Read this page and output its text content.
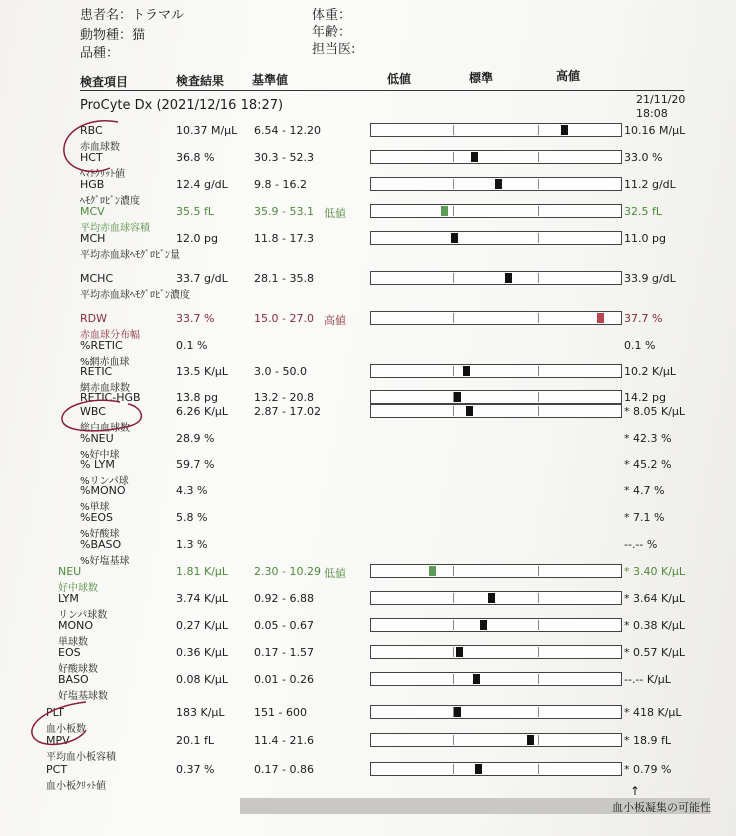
患者名：トラマル
動物種：猫
品種：
体重：
年齢：
担当医:
検査項目	検査結果 基準値	低値	標準	高値
ProCyte Dx (2021/12/16 18:27)	21/11/20
18:08
RBC
赤血球数
10.37 M/µL 6.54 - 12.20	10.16 M/µL
HCT
ﾍﾏﾄｸﾘｯﾄ値
36.8 %	30.3 - 52.3	33.0 %
HGB
ﾍﾓｸﾞﾛﾋﾞﾝ濃度
12.4 g/dL 9.8 - 16.2	11.2 g/dL
MCV
平均赤血球容積
35.5 fL	35.9 - 53.1 低値	32.5 fL
MCH
平均赤血球ﾍﾓｸﾞﾛﾋﾞﾝ量
12.0 pg	11.8 - 17.3	11.0 pg
MCHC
平均赤血球ﾍﾓｸﾞﾛﾋﾞﾝ濃度
33.7 g/dL 28.1 - 35.8	33.9 g/dL
RDW
赤血球分布幅
33.7 %	15.0 - 27.0 高値	37.7 %
%RETIC
%網赤血球
0.1 %	0.1 %
RETIC
網赤血球数
13.5 K/µL 3.0 - 50.0	10.2 K/µL
RETIC-HGB	13.8 pg	13.2 - 20.8	14.2 pg
WBC
総白血球数
6.26 K/µL 2.87 - 17.02	* 8.05 K/µL
%NEU
%好中球
28.9 %	* 42.3 %
% LYM
%リンパ球
59.7 %	* 45.2 %
%MONO
%単球
4.3 %	* 4.7 %
%EOS
%好酸球
5.8 %	* 7.1 %
%BASO
%好塩基球
1.3 %	--.-- %
NEU
好中球数
1.81 K/µL 2.30 - 10.29 低値	* 3.40 K/µL
LYM
リンパ球数
3.74 K/µL 0.92 - 6.88	* 3.64 K/µL
MONO
単球数
0.27 K/µL 0.05 - 0.67	* 0.38 K/µL
EOS
好酸球数
0.36 K/µL 0.17 - 1.57	* 0.57 K/µL
BASO
好塩基球数
0.08 K/µL 0.01 - 0.26	--.-- K/µL
PLT
血小板数
183 K/µL	151 - 600	* 418 K/µL
MPV
平均血小板容積
20.1 fL	11.4 - 21.6	* 18.9 fL
PCT
血小板ｸﾘｯﾄ値
0.37 %	0.17 - 0.86	* 0.79 %
↑
血小板凝集の可能性
